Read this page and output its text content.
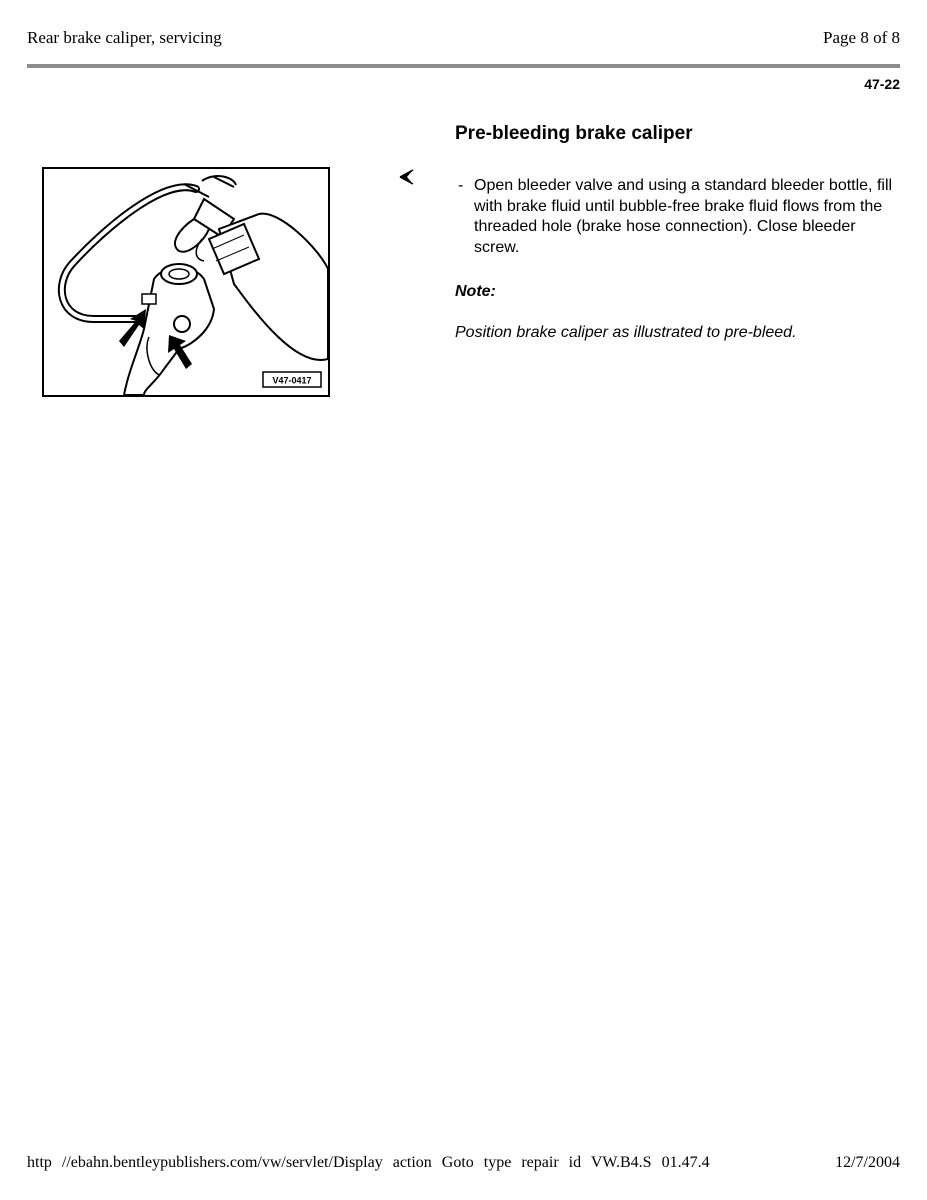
Rear brake caliper, servicing	Page 8 of 8
47-22
V47-0417
Pre-bleeding brake caliper
- Open bleeder valve and using a standard bleeder bottle, fill with brake fluid until bubble-free brake fluid flows from the threaded hole (brake hose connection). Close bleeder screw.
Note:
Position brake caliper as illustrated to pre-bleed.
http //ebahn.bentleypublishers.com/vw/servlet/Display action Goto type repair id VW.B4.S 01.47.4	12/7/2004
